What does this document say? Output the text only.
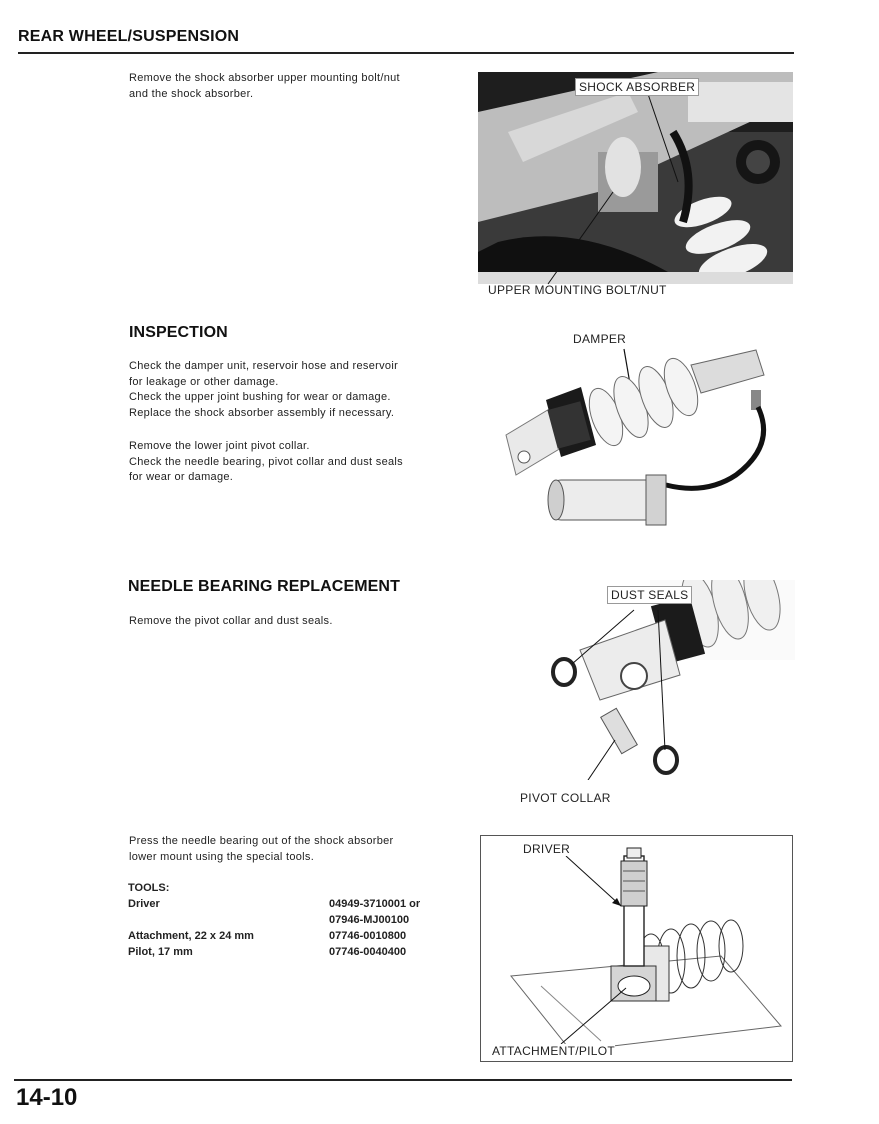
REAR WHEEL/SUSPENSION
Remove the shock absorber upper mounting bolt/nut
and the shock absorber.	SHOCK ABSORBER
UPPER MOUNTING BOLT/NUT
INSPECTION
Check the damper unit, reservoir hose and reservoir
for leakage or other damage.
Check the upper joint bushing for wear or damage.
Replace the shock absorber assembly if necessary.
Remove the lower joint pivot collar.
Check the needle bearing, pivot collar and dust seals
for wear or damage.
DAMPER
NEEDLE BEARING REPLACEMENT
Remove the pivot collar and dust seals.
DUST SEALS
PIVOT COLLAR
Press the needle bearing out of the shock absorber
lower mount using the special tools.
TOOLS:
Driver	04949-3710001 or
07946-MJ00100
Attachment, 22 x 24 mm	07746-0010800
Pilot, 17 mm	07746-0040400
DRIVER
ATTACHMENT/PILOT
14-10
